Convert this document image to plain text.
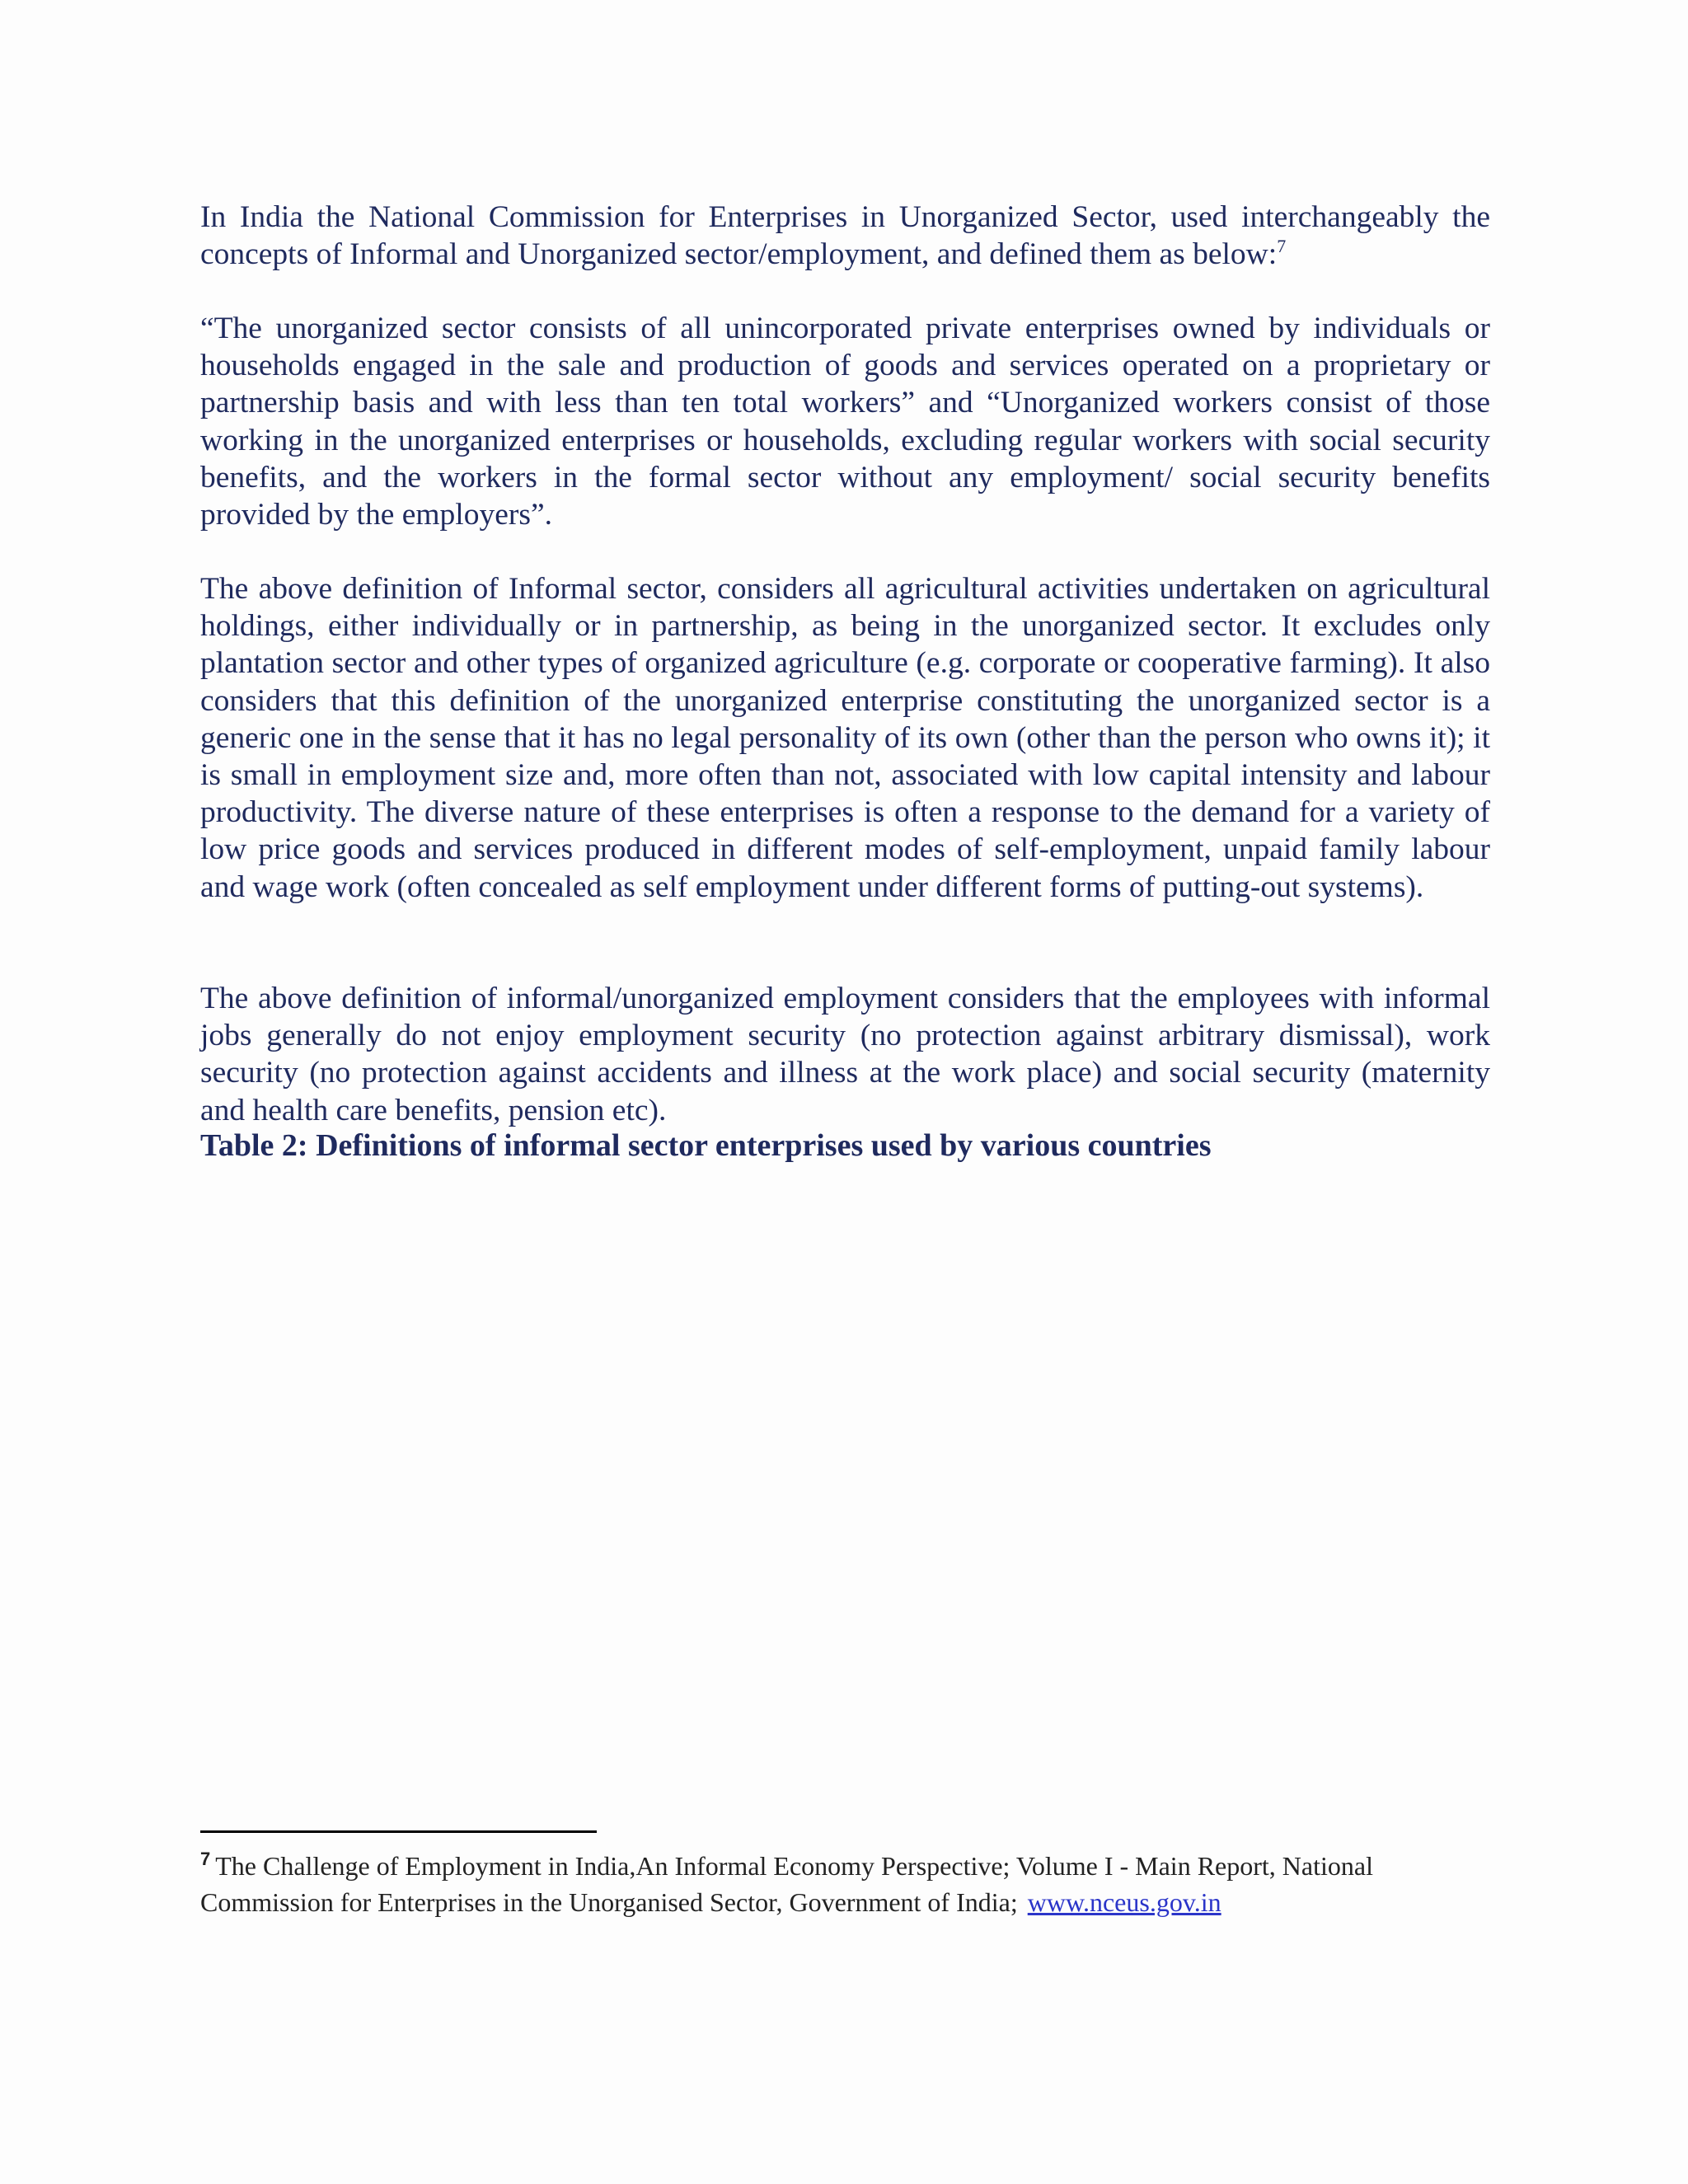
In India the National Commission for Enterprises in Unorganized Sector, used interchangeably the concepts of Informal and Unorganized sector/employment, and defined them as below:$^7$

“The unorganized sector consists of all unincorporated private enterprises owned by individuals or households engaged in the sale and production of goods and services operated on a proprietary or partnership basis and with less than ten total workers” and “Unorganized workers consist of those working in the unorganized enterprises or households, excluding regular workers with social security benefits, and the workers in the formal sector without any employment/ social security benefits provided by the employers”.

The above definition of Informal sector, considers all agricultural activities undertaken on agricultural holdings, either individually or in partnership, as being in the unorganized sector. It excludes only plantation sector and other types of organized agriculture (e.g. corporate or cooperative farming). It also considers that this definition of the unorganized enterprise constituting the unorganized sector is a generic one in the sense that it has no legal personality of its own (other than the person who owns it); it is small in employment size and, more often than not, associated with low capital intensity and labour productivity. The diverse nature of these enterprises is often a response to the demand for a variety of low price goods and services produced in different modes of self-employment, unpaid family labour and wage work (often concealed as self employment under different forms of putting-out systems).

The above definition of informal/unorganized employment considers that the employees with informal jobs generally do not enjoy employment security (no protection against arbitrary dismissal), work security (no protection against accidents and illness at the work place) and social security (maternity and health care benefits, pension etc).

Table 2: Definitions of informal sector enterprises used by various countries

$^7$ The Challenge of Employment in India,An Informal Economy Perspective; Volume I - Main Report, National Commission for Enterprises in the Unorganised Sector, Government of India; www.nceus.gov.in
